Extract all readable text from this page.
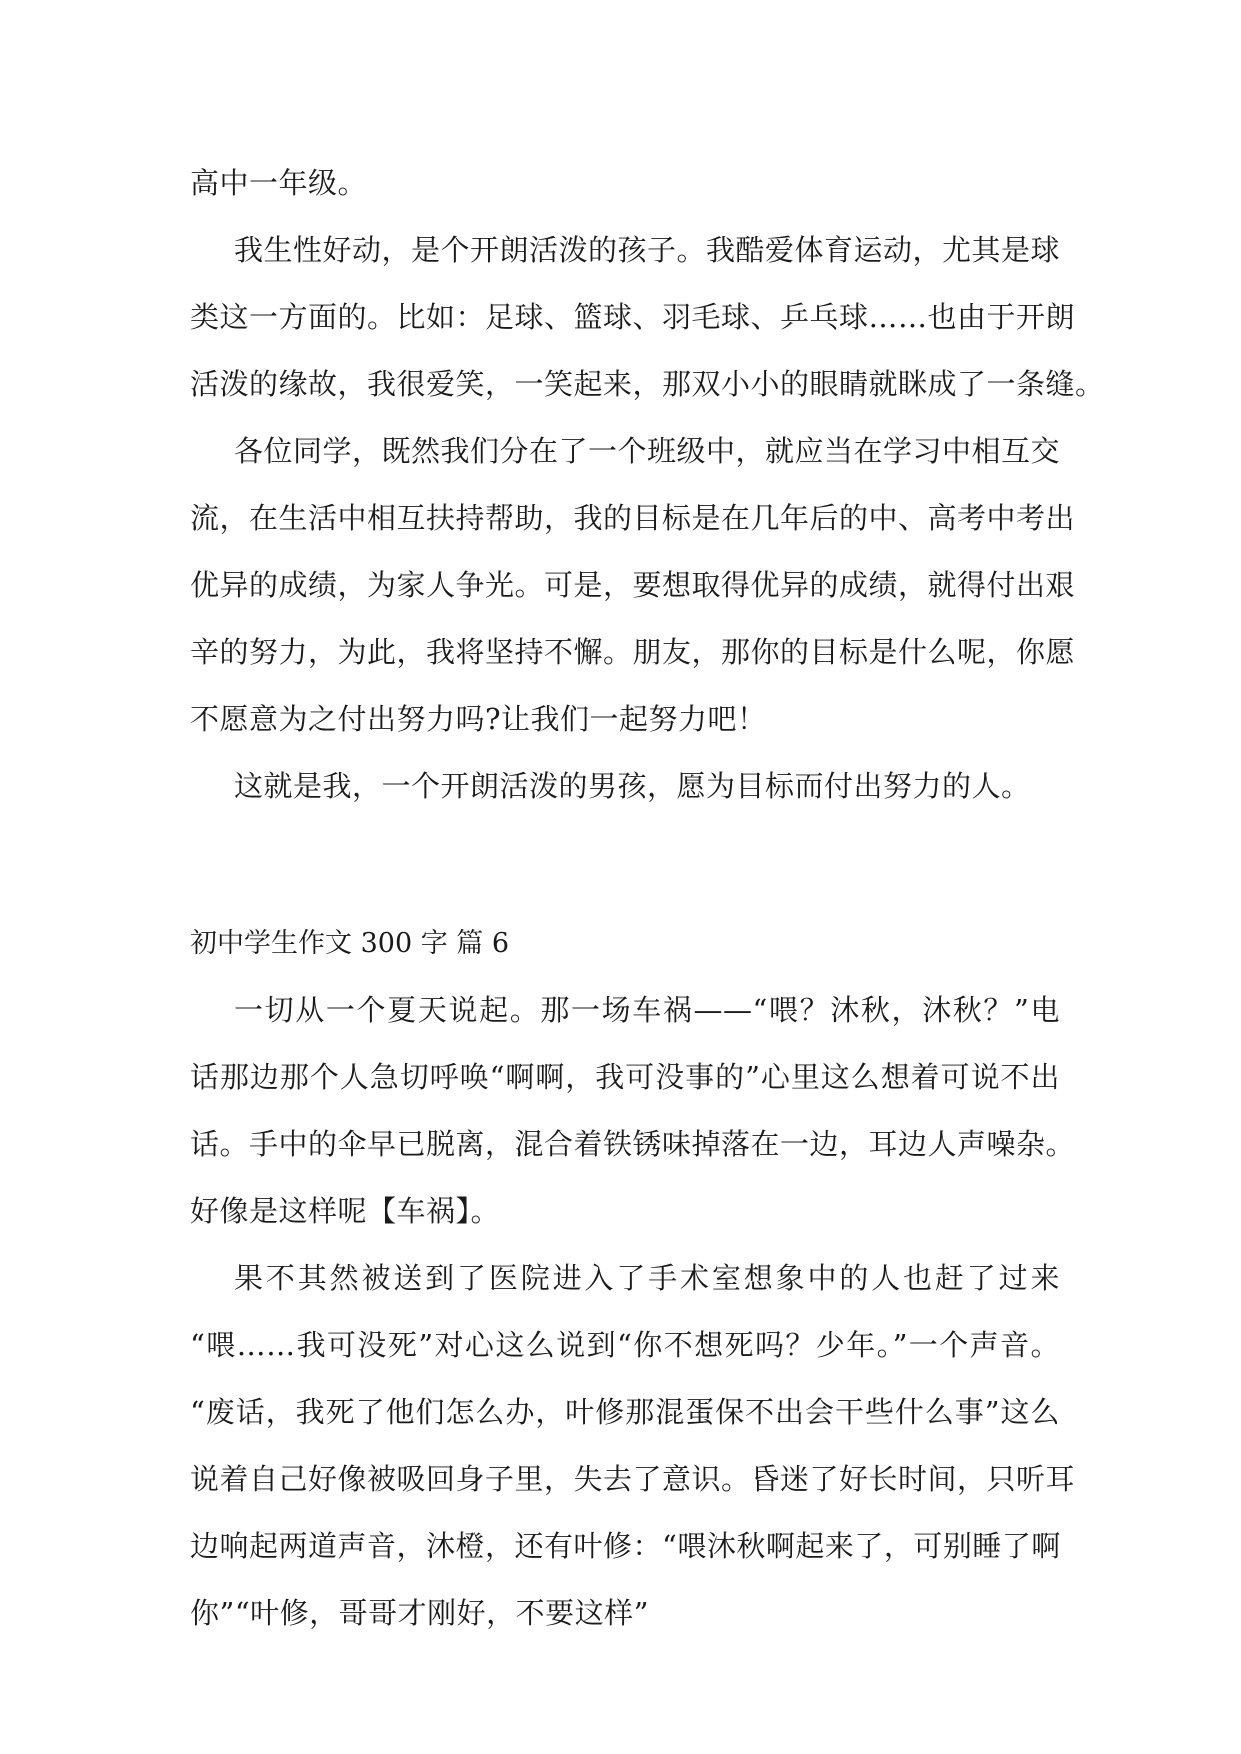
高中一年级。
我生性好动，是个开朗活泼的孩子。我酷爱体育运动，尤其是球
类这一方面的。比如：足球、篮球、羽毛球、乒乓球……也由于开朗
活泼的缘故，我很爱笑，一笑起来，那双小小的眼睛就眯成了一条缝。
各位同学，既然我们分在了一个班级中，就应当在学习中相互交
流，在生活中相互扶持帮助，我的目标是在几年后的中、高考中考出
优异的成绩，为家人争光。可是，要想取得优异的成绩，就得付出艰
辛的努力，为此，我将坚持不懈。朋友，那你的目标是什么呢，你愿
不愿意为之付出努力吗?让我们一起努力吧！
这就是我，一个开朗活泼的男孩，愿为目标而付出努力的人。
初中学生作文 300 字 篇 6
一切从一个夏天说起。那一场车祸——“喂？沐秋，沐秋？”电
话那边那个人急切呼唤“啊啊，我可没事的”心里这么想着可说不出
话。手中的伞早已脱离，混合着铁锈味掉落在一边，耳边人声噪杂。
好像是这样呢【车祸】。
果不其然被送到了医院进入了手术室想象中的人也赶了过来
“喂……我可没死”对心这么说到“你不想死吗？少年。”一个声音。
“废话，我死了他们怎么办，叶修那混蛋保不出会干些什么事”这么
说着自己好像被吸回身子里，失去了意识。昏迷了好长时间，只听耳
边响起两道声音，沐橙，还有叶修：“喂沐秋啊起来了，可别睡了啊
你”“叶修，哥哥才刚好，不要这样”
